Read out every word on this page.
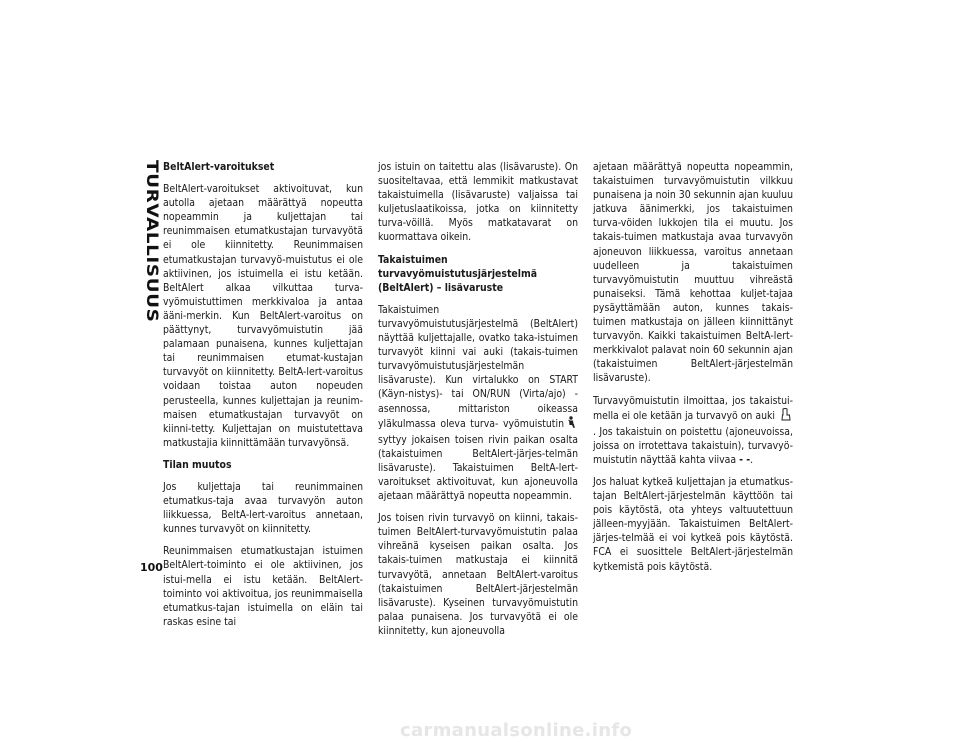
TURVALLISUUS
100
BeltAlert-varoitukset

BeltAlert-varoitukset aktivoituvat, kun autolla ajetaan määrättyä nopeutta nopeammin ja kuljettajan tai reunimmaisen etumatkustajan turvavyötä ei ole kiinnitetty. Reunimmaisen etumatkustajan turvavyö-muistutus ei ole aktiivinen, jos istuimella ei istu ketään. BeltAlert alkaa vilkuttaa turva-vyömuistuttimen merkkivaloa ja antaa ääni-merkin. Kun BeltAlert-varoitus on päättynyt, turvavyömuistutin jää palamaan punaisena, kunnes kuljettajan tai reunimmaisen etumat-kustajan turvavyöt on kiinnitetty. BeltA-lert-varoitus voidaan toistaa auton nopeuden perusteella, kunnes kuljettajan ja reunim-maisen etumatkustajan turvavyöt on kiinni-tetty. Kuljettajan on muistutettava matkustajia kiinnittämään turvavyönsä.

Tilan muutos

Jos kuljettaja tai reunimmainen etumatkus-taja avaa turvavyön auton liikkuessa, BeltA-lert-varoitus annetaan, kunnes turvavyöt on kiinnitetty.

Reunimmaisen etumatkustajan istuimen BeltAlert-toiminto ei ole aktiivinen, jos istui-mella ei istu ketään. BeltAlert-toiminto voi aktivoitua, jos reunimmaisella etumatkus-tajan istuimella on eläin tai raskas esine tai

jos istuin on taitettu alas (lisävaruste). On suositeltavaa, että lemmikit matkustavat takaistuimella (lisävaruste) valjaissa tai kuljetuslaatikoissa, jotka on kiinnitetty turva-vöillä. Myös matkatavarat on kuormattava oikein.

Takaistuimen turvavyömuistutusjärjestelmä (BeltAlert) – lisävaruste

Takaistuimen turvavyömuistutusjärjestelmä (BeltAlert) näyttää kuljettajalle, ovatko taka-istuimen turvavyöt kiinni vai auki (takais-tuimen turvavyömuistutusjärjestelmän lisävaruste). Kun virtalukko on START (Käyn-nistys)- tai ON/RUN (Virta/ajo) -asennossa, mittariston oikeassa yläkulmassa oleva turva- vyömuistutin syttyy jokaisen toisen rivin paikan osalta (takaistuimen BeltAlert-järjes-telmän lisävaruste). Takaistuimen BeltA-lert-varoitukset aktivoituvat, kun ajoneuvolla ajetaan määrättyä nopeutta nopeammin.

Jos toisen rivin turvavyö on kiinni, takais-tuimen BeltAlert-turvavyömuistutin palaa vihreänä kyseisen paikan osalta. Jos takais-tuimen matkustaja ei kiinnitä turvavyötä, annetaan BeltAlert-varoitus (takaistuimen BeltAlert-järjestelmän lisävaruste). Kyseinen turvavyömuistutin palaa punaisena. Jos turvavyötä ei ole kiinnitetty, kun ajoneuvolla

ajetaan määrättyä nopeutta nopeammin, takaistuimen turvavyömuistutin vilkkuu punaisena ja noin 30 sekunnin ajan kuuluu jatkuva äänimerkki, jos takaistuimen turva-vöiden lukkojen tila ei muutu. Jos takais-tuimen matkustaja avaa turvavyön ajoneuvon liikkuessa, varoitus annetaan uudelleen ja takaistuimen turvavyömuistutin muuttuu vihreästä punaiseksi. Tämä kehottaa kuljet-tajaa pysäyttämään auton, kunnes takais-tuimen matkustaja on jälleen kiinnittänyt turvavyön. Kaikki takaistuimen BeltA-lert-merkkivalot palavat noin 60 sekunnin ajan (takaistuimen BeltAlert-järjestelmän lisävaruste).

Turvavyömuistutin ilmoittaa, jos takaistui-mella ei ole ketään ja turvavyö on auki . Jos takaistuin on poistettu (ajoneuvoissa, joissa on irrotettava takaistuin), turvavyö-muistutin näyttää kahta viivaa - -.

Jos haluat kytkeä kuljettajan ja etumatkus-tajan BeltAlert-järjestelmän käyttöön tai pois käytöstä, ota yhteys valtuutettuun jälleen-myyjään. Takaistuimen BeltAlert-järjes-telmää ei voi kytkeä pois käytöstä. FCA ei suosittele BeltAlert-järjestelmän kytkemistä pois käytöstä.

carmanualsonline.info
